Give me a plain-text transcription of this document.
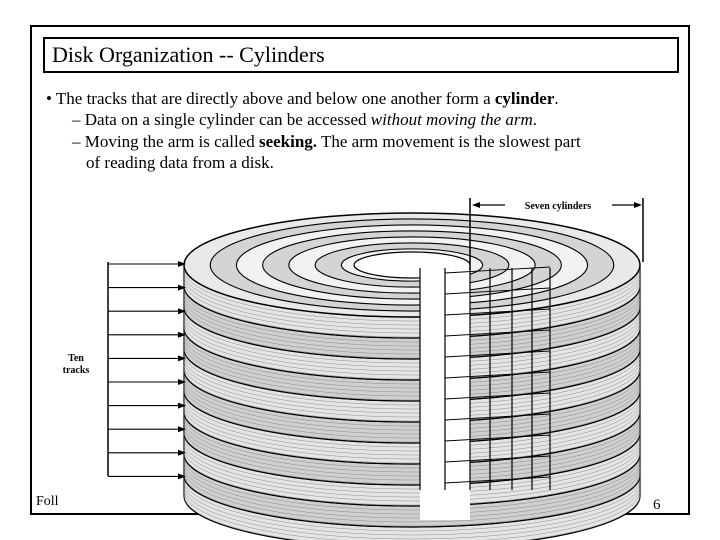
Disk Organization -- Cylinders
• The tracks that are directly above and below one another form a cylinder.
– Data on a single cylinder can be accessed without moving the arm.
– Moving the arm is called seeking. The arm movement is the slowest part
of reading data from a disk.
Seven cylinders
Ten
tracks
Foll	6
